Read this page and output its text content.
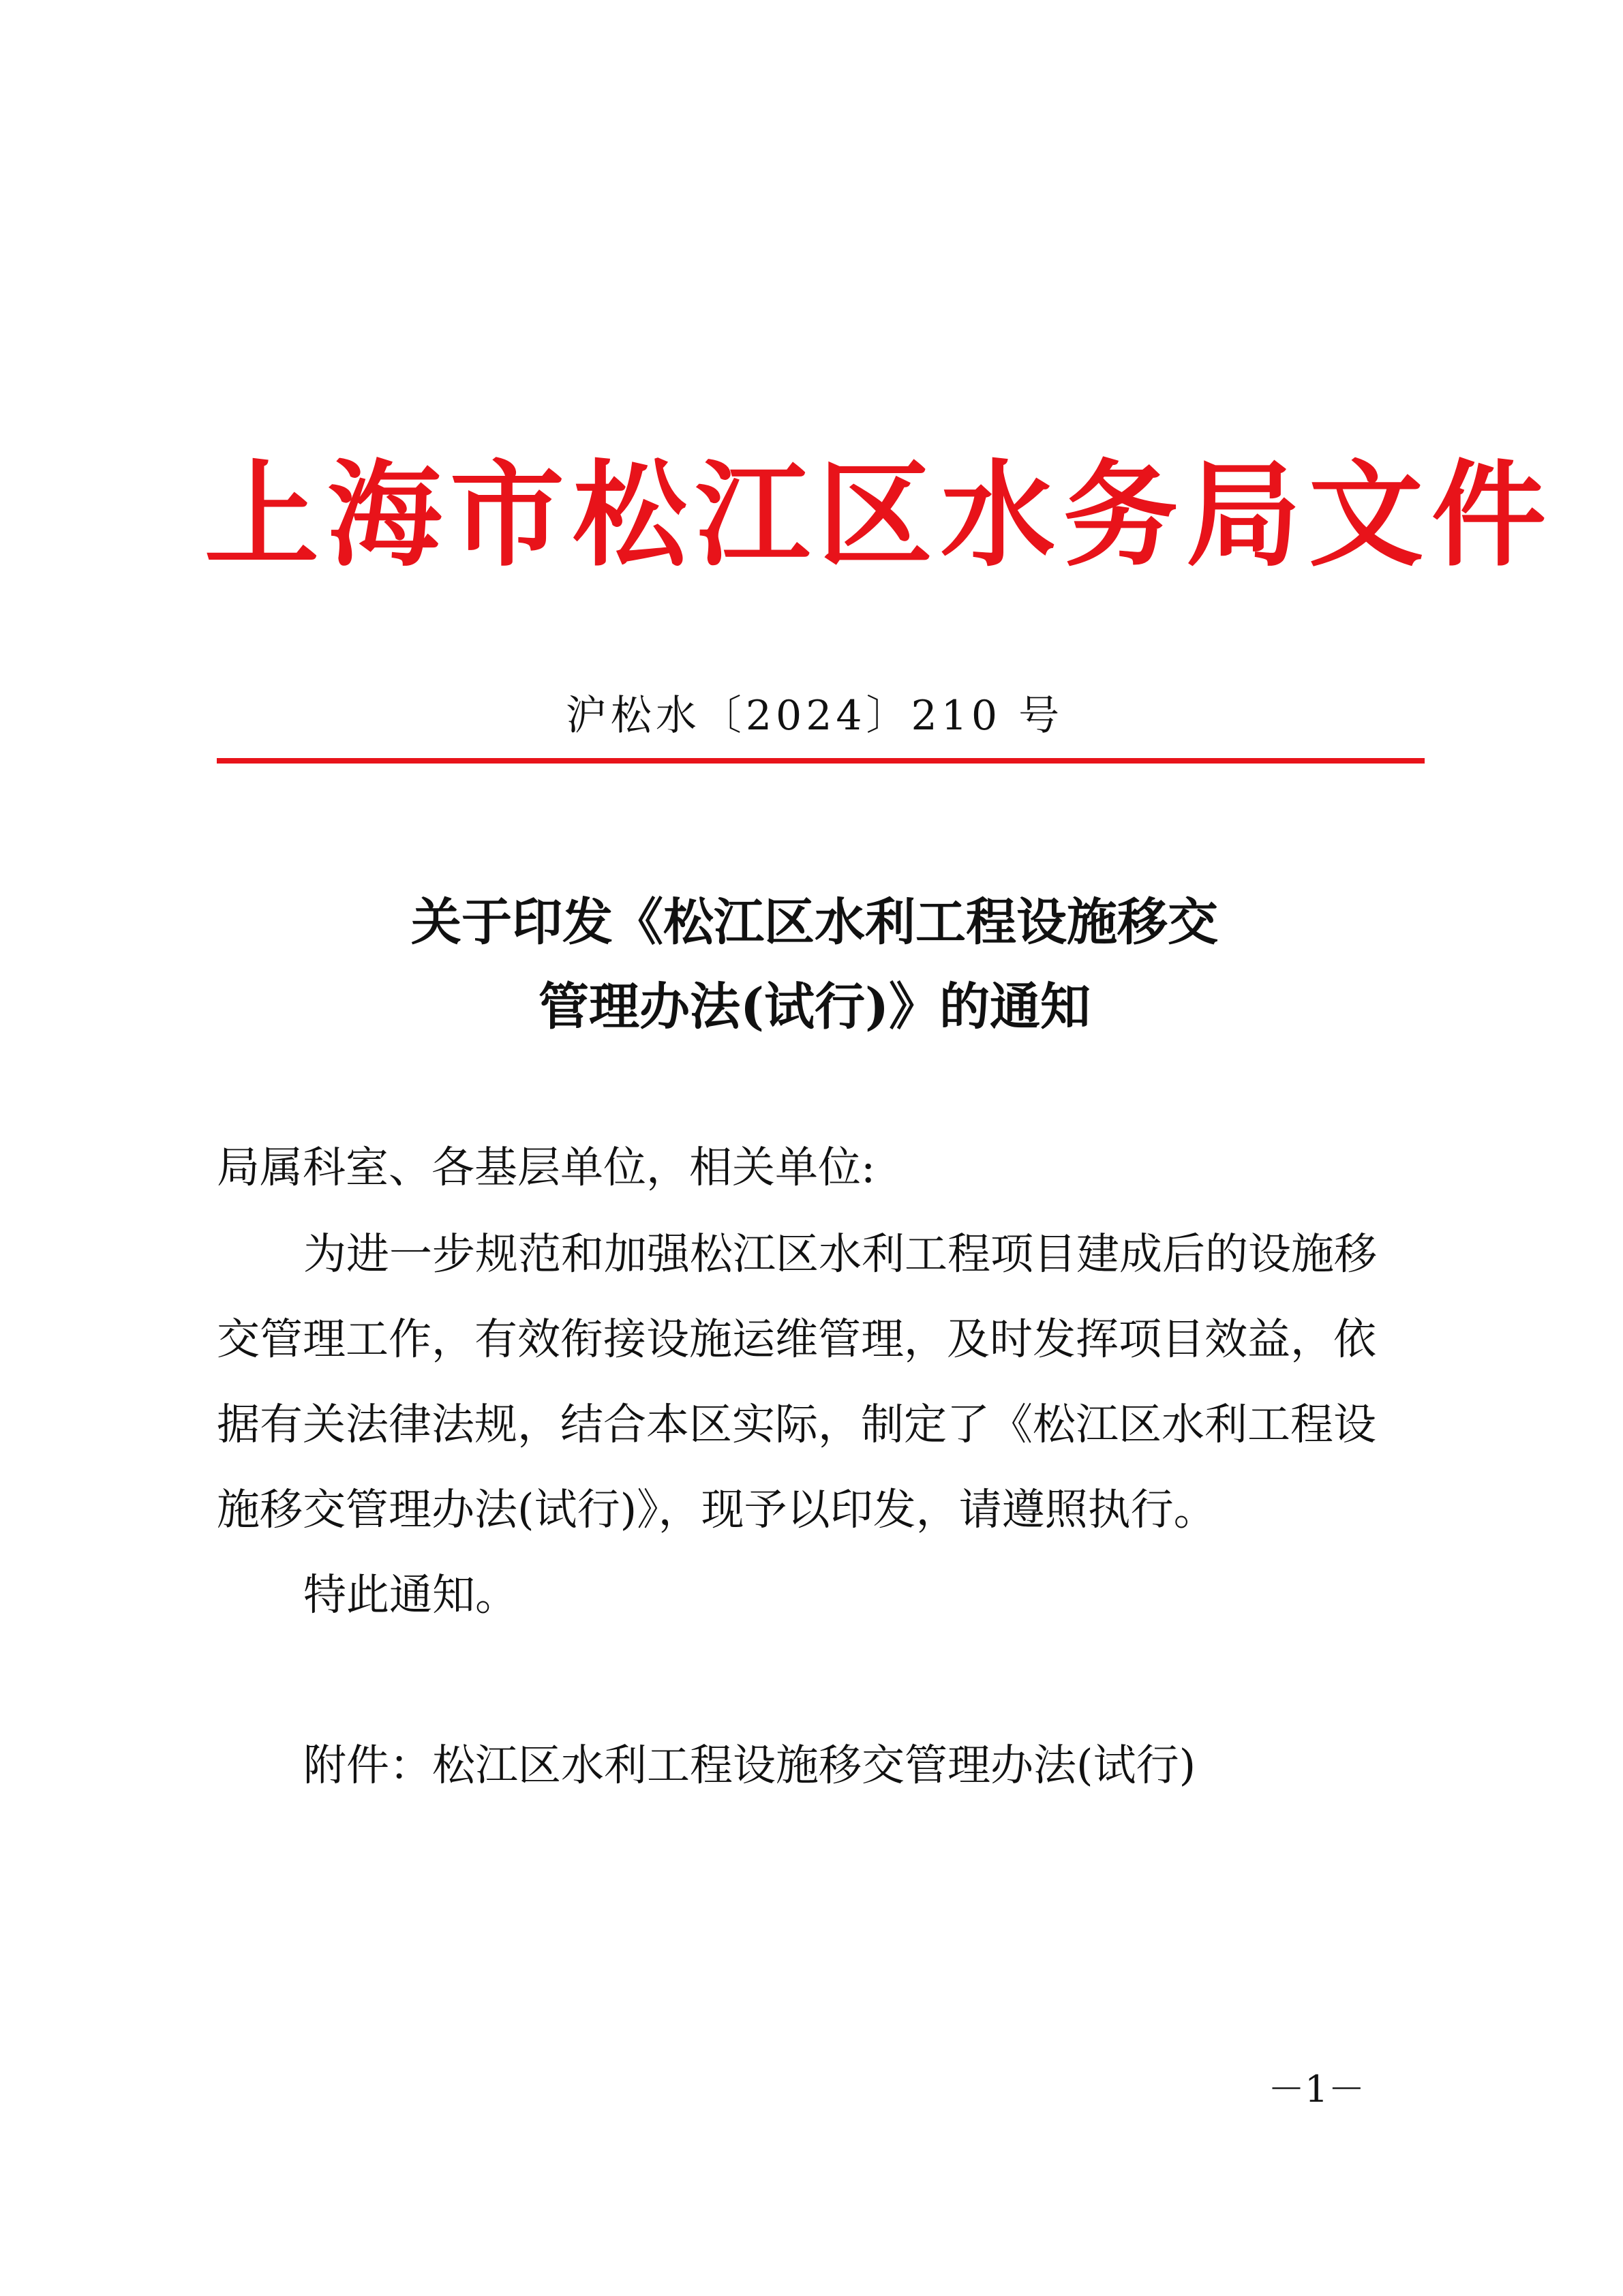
上海市松江区水务局文件
沪松水〔2024〕210 号
关于印发《松江区水利工程设施移交
管理办法(试行)》的通知
局属科室、各基层单位，相关单位:
为进一步规范和加强松江区水利工程项目建成后的设施移
交管理工作，有效衔接设施运维管理，及时发挥项目效益，依
据有关法律法规，结合本区实际，制定了《松江区水利工程设
施移交管理办法(试行)》，现予以印发，请遵照执行。
特此通知。
附件：松江区水利工程设施移交管理办法(试行)
－1－
